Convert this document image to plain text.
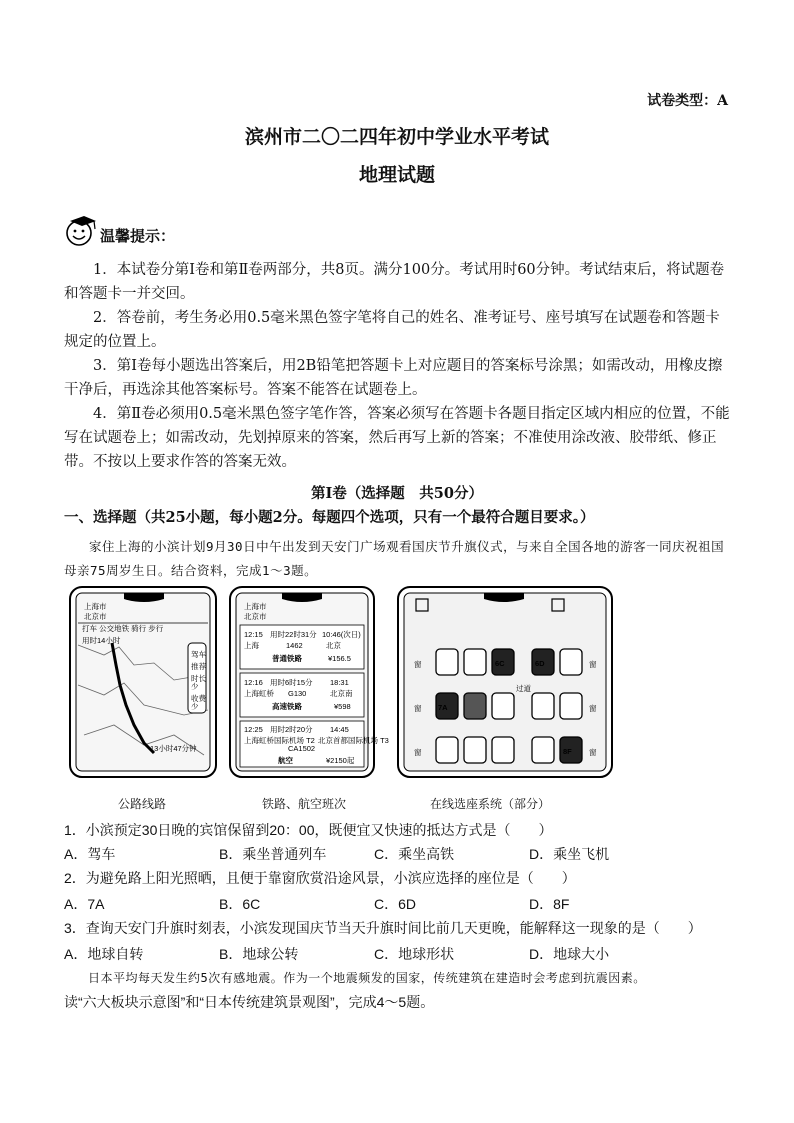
试卷类型：A
滨州市二〇二四年初中学业水平考试
地理试题
温馨提示：

1．本试卷分第Ⅰ卷和第Ⅱ卷两部分，共8页。满分100分。考试用时60分钟。考试结束后，将试题卷和答题卡一并交回。

2．答卷前，考生务必用0.5毫米黑色签字笔将自己的姓名、准考证号、座号填写在试题卷和答题卡规定的位置上。

3．第Ⅰ卷每小题选出答案后，用2B铅笔把答题卡上对应题目的答案标号涂黑；如需改动，用橡皮擦干净后，再选涂其他答案标号。答案不能答在试题卷上。

4．第Ⅱ卷必须用0.5毫米黑色签字笔作答，答案必须写在答题卡各题目指定区域内相应的位置，不能写在试题卷上；如需改动，先划掉原来的答案，然后再写上新的答案；不准使用涂改液、胶带纸、修正带。不按以上要求作答的答案无效。

第Ⅰ卷（选择题　共50分）
一、选择题（共25小题，每小题2分。每题四个选项，只有一个最符合题目要求。）
家住上海的小滨计划9月30日中午出发到天安门广场观看国庆节升旗仪式，与来自全国各地的游客一同庆祝祖国母亲75周岁生日。结合资料，完成1～3题。
上海市
北京市
打车 公交地铁 骑行 步行
用时14小时
驾车
推荐
时长
少
收费
少
13小时47分钟
上海市
北京市
12:15 用时22时31分 10:46(次日)
上海	1462	北京
普通铁路	¥156.5
12:16 用时6时15分 18:31
上海虹桥 G130	北京南
高速铁路	¥598
12:25 用时2时20分 14:45
上海虹桥国际机场 T2
CA1502
北京首都国际机场 T3
航空	¥2150起
窗
窗
窗
窗
窗
窗
过道
6C	6D
7A
8F
公路线路	铁路、航空班次	在线选座系统（部分）
1．小滨预定30日晚的宾馆保留到20：00，既便宜又快速的抵达方式是（　　）
A．驾车	B．乘坐普通列车	C．乘坐高铁	D．乘坐飞机
2．为避免路上阳光照晒，且便于靠窗欣赏沿途风景，小滨应选择的座位是（　　）
A．7A	B．6C	C．6D	D．8F
3．查询天安门升旗时刻表，小滨发现国庆节当天升旗时间比前几天更晚，能解释这一现象的是（　　）
A．地球自转	B．地球公转	C．地球形状	D．地球大小
日本平均每天发生约5次有感地震。作为一个地震频发的国家，传统建筑在建造时会考虑到抗震因素。
读“六大板块示意图”和“日本传统建筑景观图”，完成4～5题。
